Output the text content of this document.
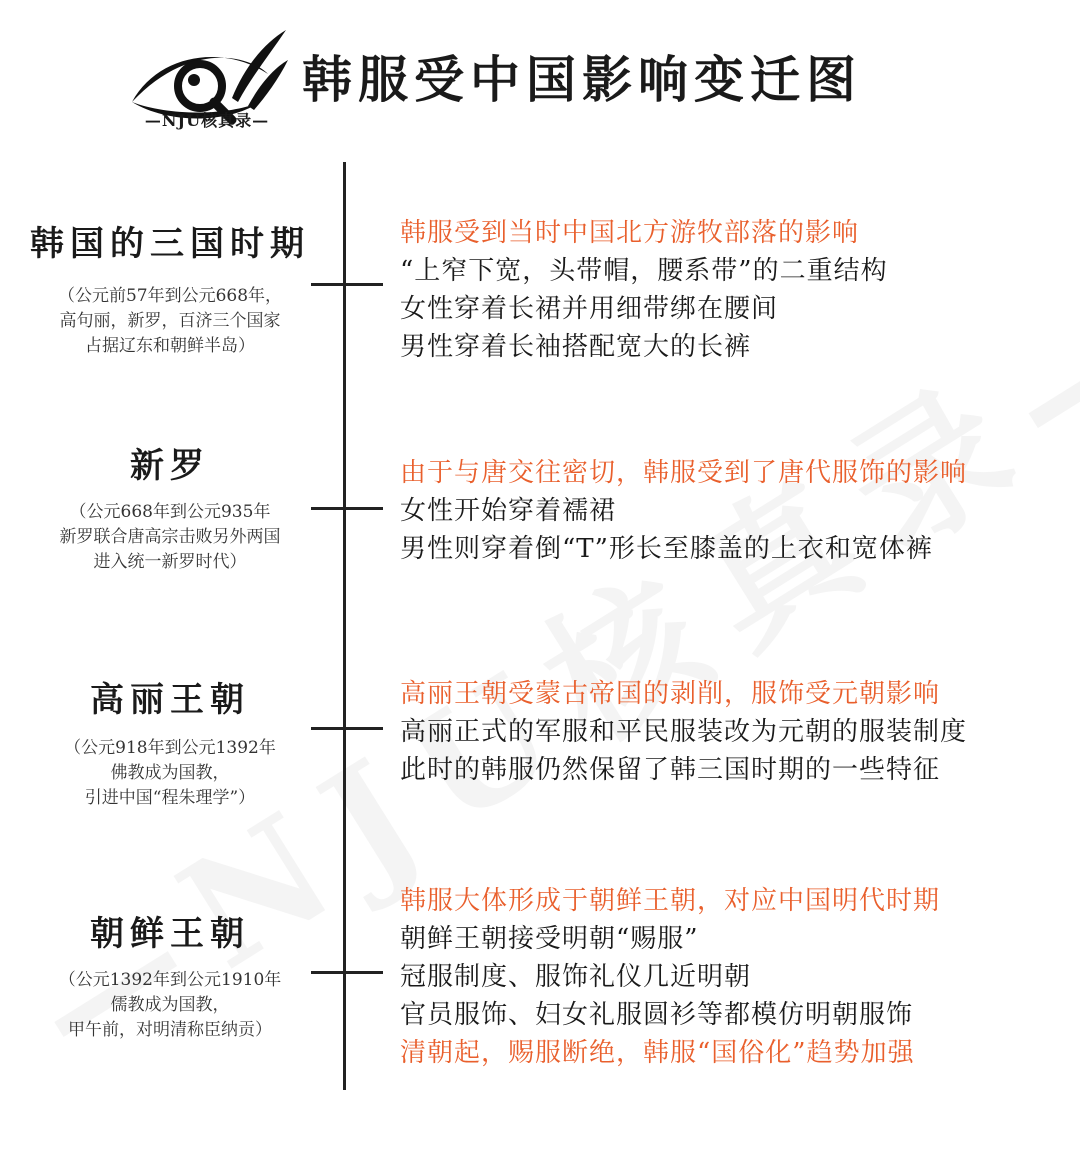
—NJU核真录—
韩服受中国影响变迁图
韩国的三国时期
（公元前57年到公元668年，
高句丽，新罗，百济三个国家
占据辽东和朝鲜半岛）
韩服受到当时中国北方游牧部落的影响
“上窄下宽，头带帽，腰系带”的二重结构
女性穿着长裙并用细带绑在腰间
男性穿着长袖搭配宽大的长裤
新罗
（公元668年到公元935年
新罗联合唐高宗击败另外两国
进入统一新罗时代）
由于与唐交往密切，韩服受到了唐代服饰的影响
女性开始穿着襦裙
男性则穿着倒“T”形长至膝盖的上衣和宽体裤
高丽王朝
（公元918年到公元1392年
佛教成为国教，
引进中国“程朱理学”）
高丽王朝受蒙古帝国的剥削，服饰受元朝影响
高丽正式的军服和平民服装改为元朝的服装制度
此时的韩服仍然保留了韩三国时期的一些特征
朝鲜王朝
（公元1392年到公元1910年
儒教成为国教，
甲午前，对明清称臣纳贡）
韩服大体形成于朝鲜王朝，对应中国明代时期
朝鲜王朝接受明朝“赐服”
冠服制度、服饰礼仪几近明朝
官员服饰、妇女礼服圆衫等都模仿明朝服饰
清朝起，赐服断绝，韩服“国俗化”趋势加强
